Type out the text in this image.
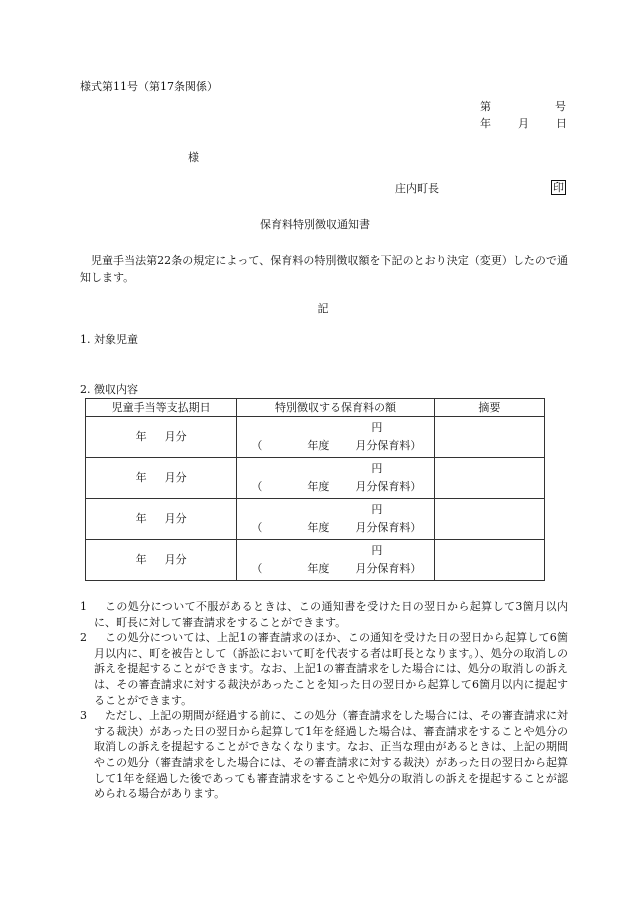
様式第11号（第17条関係）
第	号
年 月 日
様
庄内町長	印
保育料特別徴収通知書
児童手当法第22条の規定によって、保育料の特別徴収額を下記のとおり決定（変更）したので通知します。
記
1. 対象児童
2. 徴収内容
児童手当等支払期日	特別徴収する保育料の額	摘要
年 月分	円
（ 年度 月分保育料）	

年 月分	円
（ 年度 月分保育料）	

年 月分	円
（ 年度 月分保育料）	

年 月分	円
（ 年度 月分保育料）	

1	この処分について不服があるときは、この通知書を受けた日の翌日から起算して3箇月以内に、町長に対して審査請求をすることができます。
2	この処分については、上記1の審査請求のほか、この通知を受けた日の翌日から起算して6箇月以内に、町を被告として（訴訟において町を代表する者は町長となります。）、処分の取消しの訴えを提起することができます。なお、上記1の審査請求をした場合には、処分の取消しの訴えは、その審査請求に対する裁決があったことを知った日の翌日から起算して6箇月以内に提起することができます。
3	ただし、上記の期間が経過する前に、この処分（審査請求をした場合には、その審査請求に対する裁決）があった日の翌日から起算して1年を経過した場合は、審査請求をすることや処分の取消しの訴えを提起することができなくなります。なお、正当な理由があるときは、上記の期間やこの処分（審査請求をした場合には、その審査請求に対する裁決）があった日の翌日から起算して1年を経過した後であっても審査請求をすることや処分の取消しの訴えを提起することが認められる場合があります。
